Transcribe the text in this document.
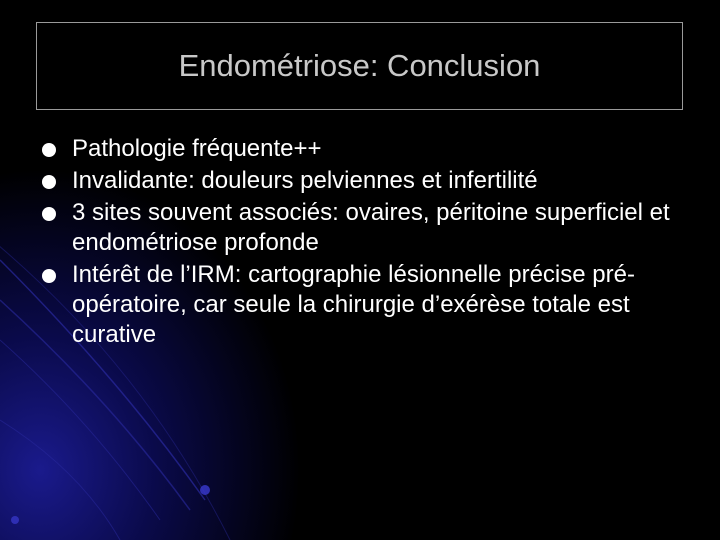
Endométriose: Conclusion
Pathologie fréquente++
Invalidante: douleurs pelviennes et infertilité
3 sites souvent associés: ovaires, péritoine superficiel et endométriose profonde
Intérêt de l’IRM: cartographie lésionnelle précise pré-opératoire, car seule la chirurgie d’exérèse totale est curative
